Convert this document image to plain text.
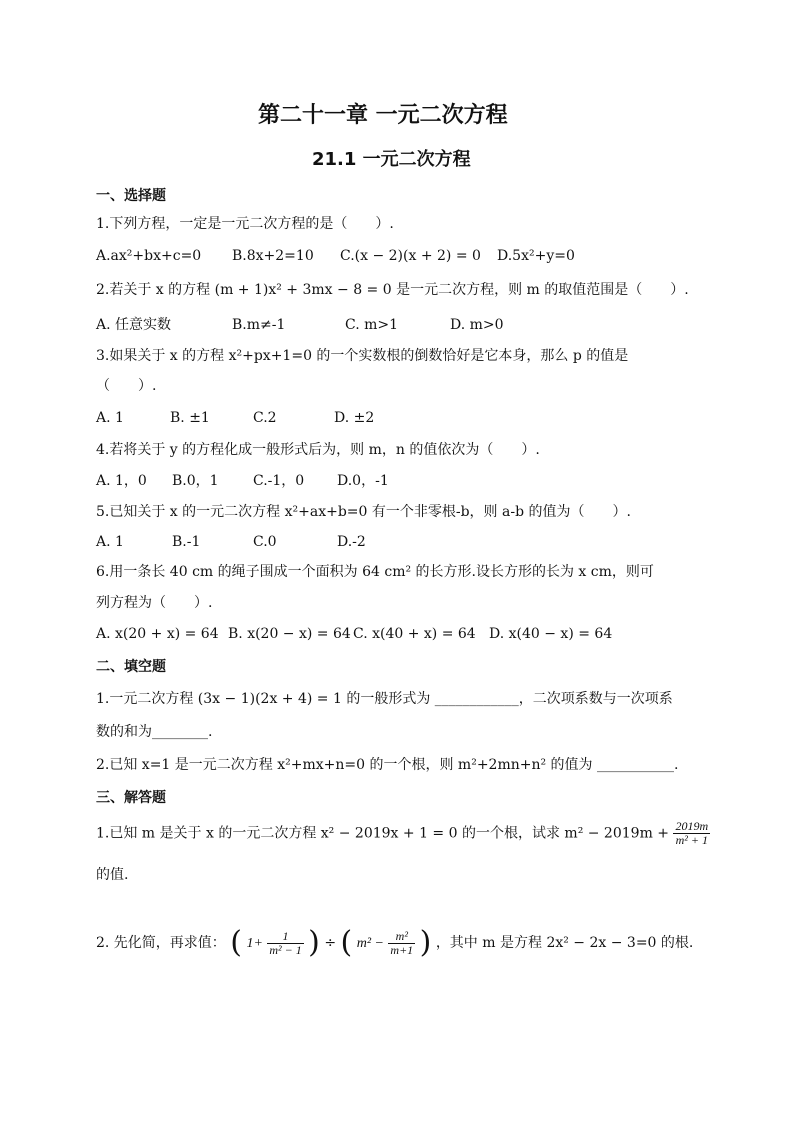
第二十一章 一元二次方程
21.1 一元二次方程
一、选择题
1.下列方程，一定是一元二次方程的是（　　）.
A.ax²+bx+c=0 B.8x+2=10 C.(x − 2)(x + 2) = 0 D.5x²+y=0
2.若关于 x 的方程 (m + 1)x² + 3mx − 8 = 0 是一元二次方程，则 m 的取值范围是（　　）.
A. 任意实数	B.m≠-1	C. m>1	D. m>0
3.如果关于 x 的方程 x²+px+1=0 的一个实数根的倒数恰好是它本身，那么 p 的值是
（　　）.
A. 1	B. ±1	C.2	D. ±2
4.若将关于 y 的方程化成一般形式后为，则 m，n 的值依次为（　　）.
A. 1，0 B.0，1 C.-1，0 D.0，-1
5.已知关于 x 的一元二次方程 x²+ax+b=0 有一个非零根-b，则 a-b 的值为（　　）.
A. 1	B.-1	C.0	D.-2
6.用一条长 40 cm 的绳子围成一个面积为 64 cm² 的长方形.设长方形的长为 x cm，则可
列方程为（　　）.
A. x(20 + x) = 64 B. x(20 − x) = 64 C. x(40 + x) = 64 D. x(40 − x) = 64
二、填空题
1.一元二次方程 (3x − 1)(2x + 4) = 1 的一般形式为 ____________，二次项系数与一次项系
数的和为________.
2.已知 x=1 是一元二次方程 x²+mx+n=0 的一个根，则 m²+2mn+n² 的值为 ___________.
三、解答题
1.已知 m 是关于 x 的一元二次方程 x² − 2019x + 1 = 0 的一个根，试求 $m^2 - 2019m + \frac{2019m}{\text{m² + 1}}$
的值.
2. 先化简，再求值： ( $1+ \frac{1}{\text{m² − 1}}$ ) ÷ ( $m^2 - \frac{\text{m²}}{m+1}$ ) ，其中 m 是方程 2x² − 2x − 3=0 的根.
